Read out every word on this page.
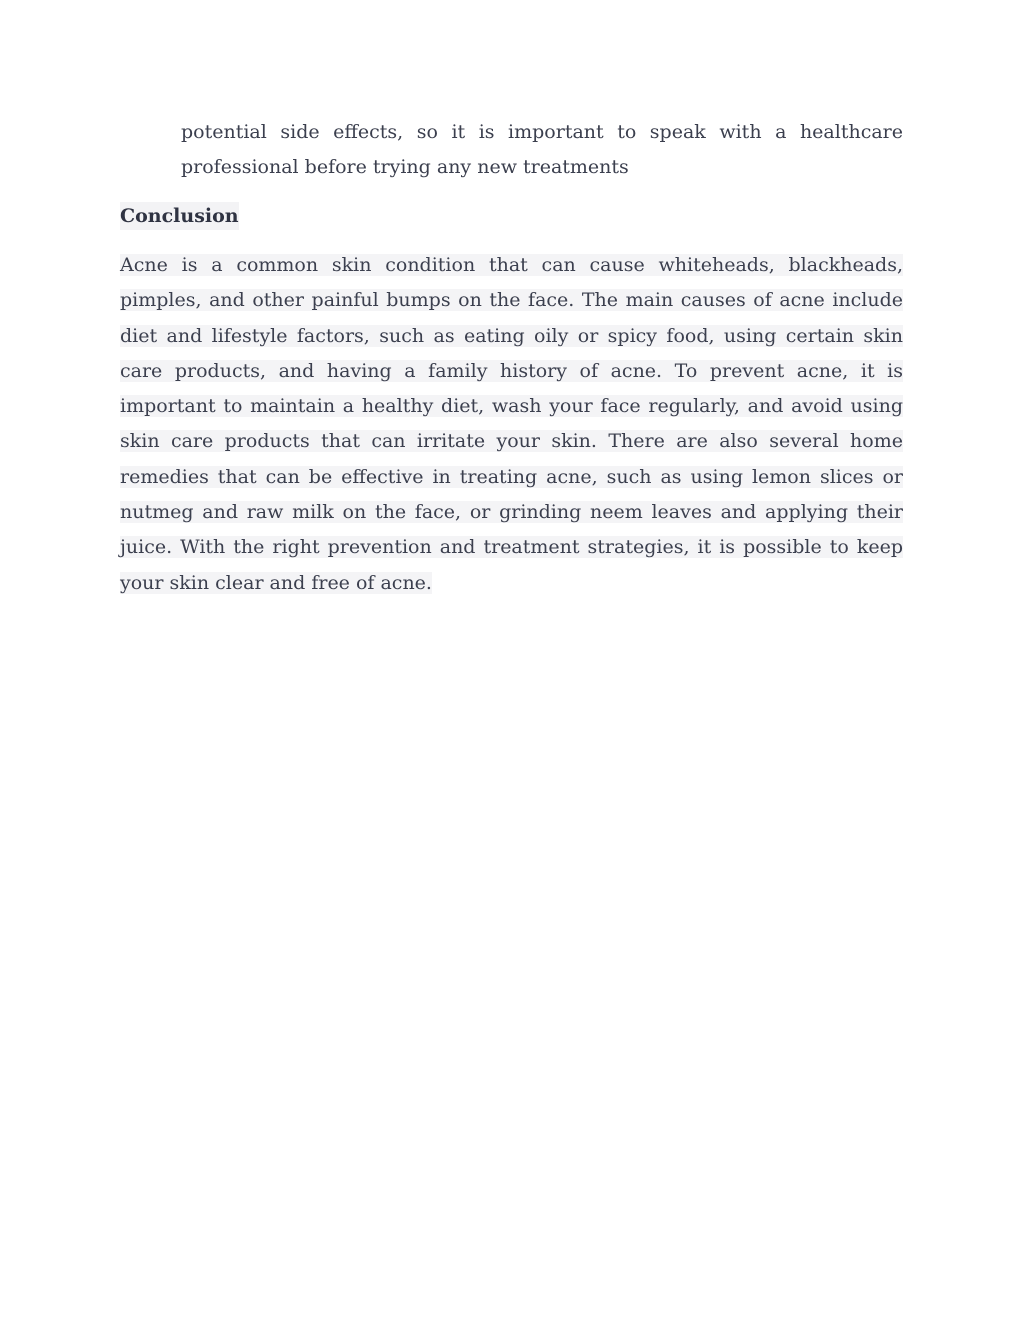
potential side effects, so it is important to speak with a healthcare professional before trying any new treatments

Conclusion

Acne is a common skin condition that can cause whiteheads, blackheads, pimples, and other painful bumps on the face. The main causes of acne include diet and lifestyle factors, such as eating oily or spicy food, using certain skin care products, and having a family history of acne. To prevent acne, it is important to maintain a healthy diet, wash your face regularly, and avoid using skin care products that can irritate your skin. There are also several home remedies that can be effective in treating acne, such as using lemon slices or nutmeg and raw milk on the face, or grinding neem leaves and applying their juice. With the right prevention and treatment strategies, it is possible to keep your skin clear and free of acne.
